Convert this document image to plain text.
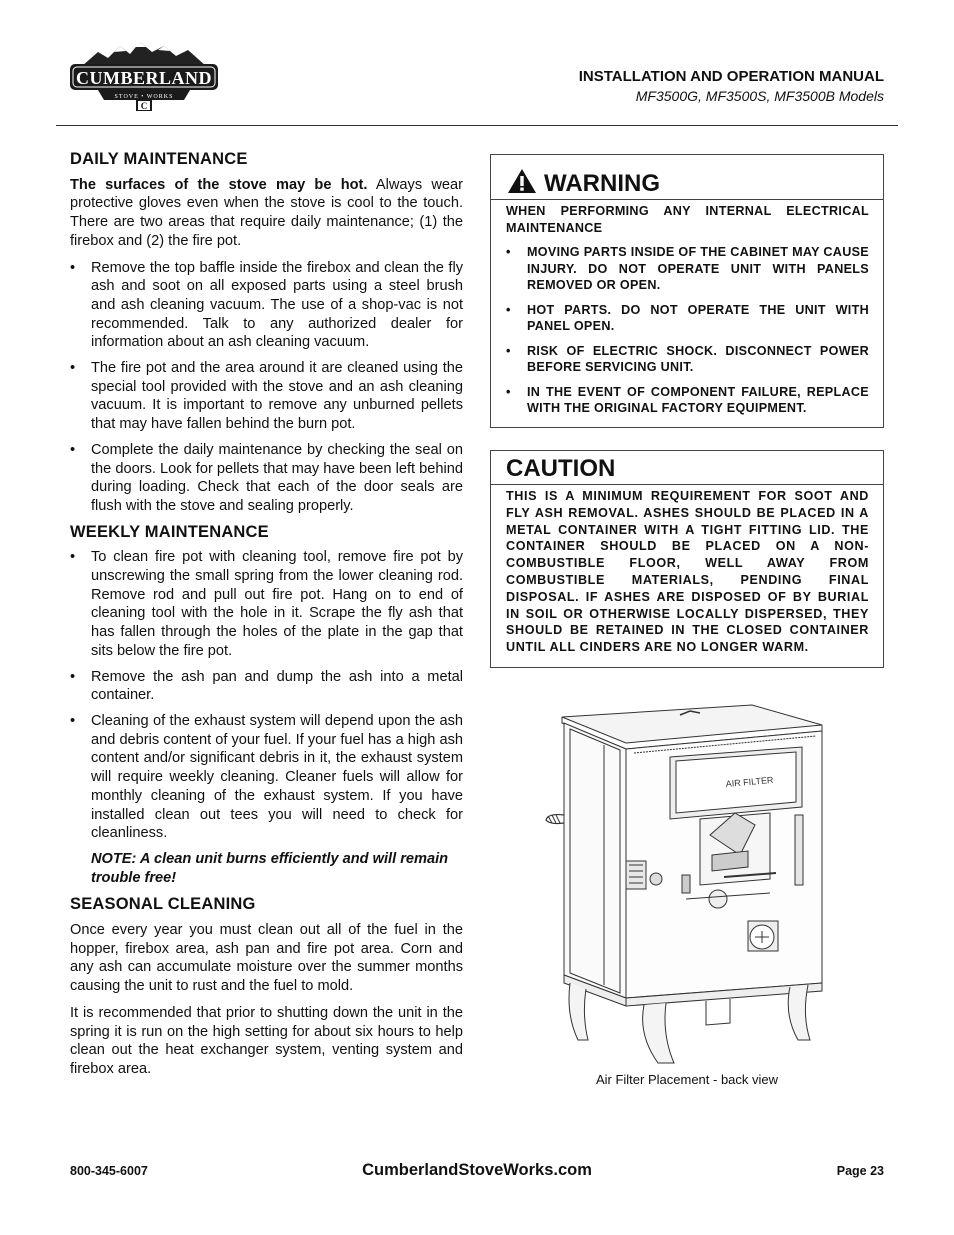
CUMBERLAND
STOVE • WORKS
C
INSTALLATION AND OPERATION MANUAL
MF3500G, MF3500S, MF3500B Models
DAILY MAINTENANCE

The surfaces of the stove may be hot. Always wear protective gloves even when the stove is cool to the touch. There are two areas that require daily maintenance; (1) the firebox and (2) the fire pot.

• Remove the top baffle inside the firebox and clean the fly ash and soot on all exposed parts using a steel brush and ash cleaning vacuum. The use of a shop-vac is not recommended. Talk to any authorized dealer for information about an ash cleaning vacuum.
• The fire pot and the area around it are cleaned using the special tool provided with the stove and an ash cleaning vacuum. It is important to remove any unburned pellets that may have fallen behind the burn pot.
• Complete the daily maintenance by checking the seal on the doors. Look for pellets that may have been left behind during loading. Check that each of the door seals are flush with the stove and sealing properly.
WEEKLY MAINTENANCE
• To clean fire pot with cleaning tool, remove fire pot by unscrewing the small spring from the lower cleaning rod. Remove rod and pull out fire pot. Hang on to end of cleaning tool with the hole in it. Scrape the fly ash that has fallen through the holes of the plate in the gap that sits below the fire pot.
• Remove the ash pan and dump the ash into a metal container.
• Cleaning of the exhaust system will depend upon the ash and debris content of your fuel. If your fuel has a high ash content and/or significant debris in it, the exhaust system will require weekly cleaning. Cleaner fuels will allow for monthly cleaning of the exhaust system. If you have installed clean out tees you will need to check for cleanliness.

NOTE: A clean unit burns efficiently and will remain trouble free!

SEASONAL CLEANING

Once every year you must clean out all of the fuel in the hopper, firebox area, ash pan and fire pot area. Corn and any ash can accumulate moisture over the summer months causing the unit to rust and the fuel to mold.

It is recommended that prior to shutting down the unit in the spring it is run on the high setting for about six hours to help clean out the heat exchanger system, venting system and firebox area.

WARNING

WHEN PERFORMING ANY INTERNAL ELECTRICAL MAINTENANCE

• MOVING PARTS INSIDE OF THE CABINET MAY CAUSE INJURY. DO NOT OPERATE UNIT WITH PANELS REMOVED OR OPEN.
• HOT PARTS. DO NOT OPERATE THE UNIT WITH PANEL OPEN.
• RISK OF ELECTRIC SHOCK. DISCONNECT POWER BEFORE SERVICING UNIT.
• IN THE EVENT OF COMPONENT FAILURE, REPLACE WITH THE ORIGINAL FACTORY EQUIPMENT.
CAUTION
THIS IS A MINIMUM REQUIREMENT FOR SOOT AND FLY ASH REMOVAL. ASHES SHOULD BE PLACED IN A METAL CONTAINER WITH A TIGHT FITTING LID. THE CONTAINER SHOULD BE PLACED ON A NON-COMBUSTIBLE FLOOR, WELL AWAY FROM COMBUSTIBLE MATERIALS, PENDING FINAL DISPOSAL. IF ASHES ARE DISPOSED OF BY BURIAL IN SOIL OR OTHERWISE LOCALLY DISPERSED, THEY SHOULD BE RETAINED IN THE CLOSED CONTAINER UNTIL ALL CINDERS ARE NO LONGER WARM.
AIR FILTER
Air Filter Placement - back view
800-345-6007	CumberlandStoveWorks.com	Page 23
